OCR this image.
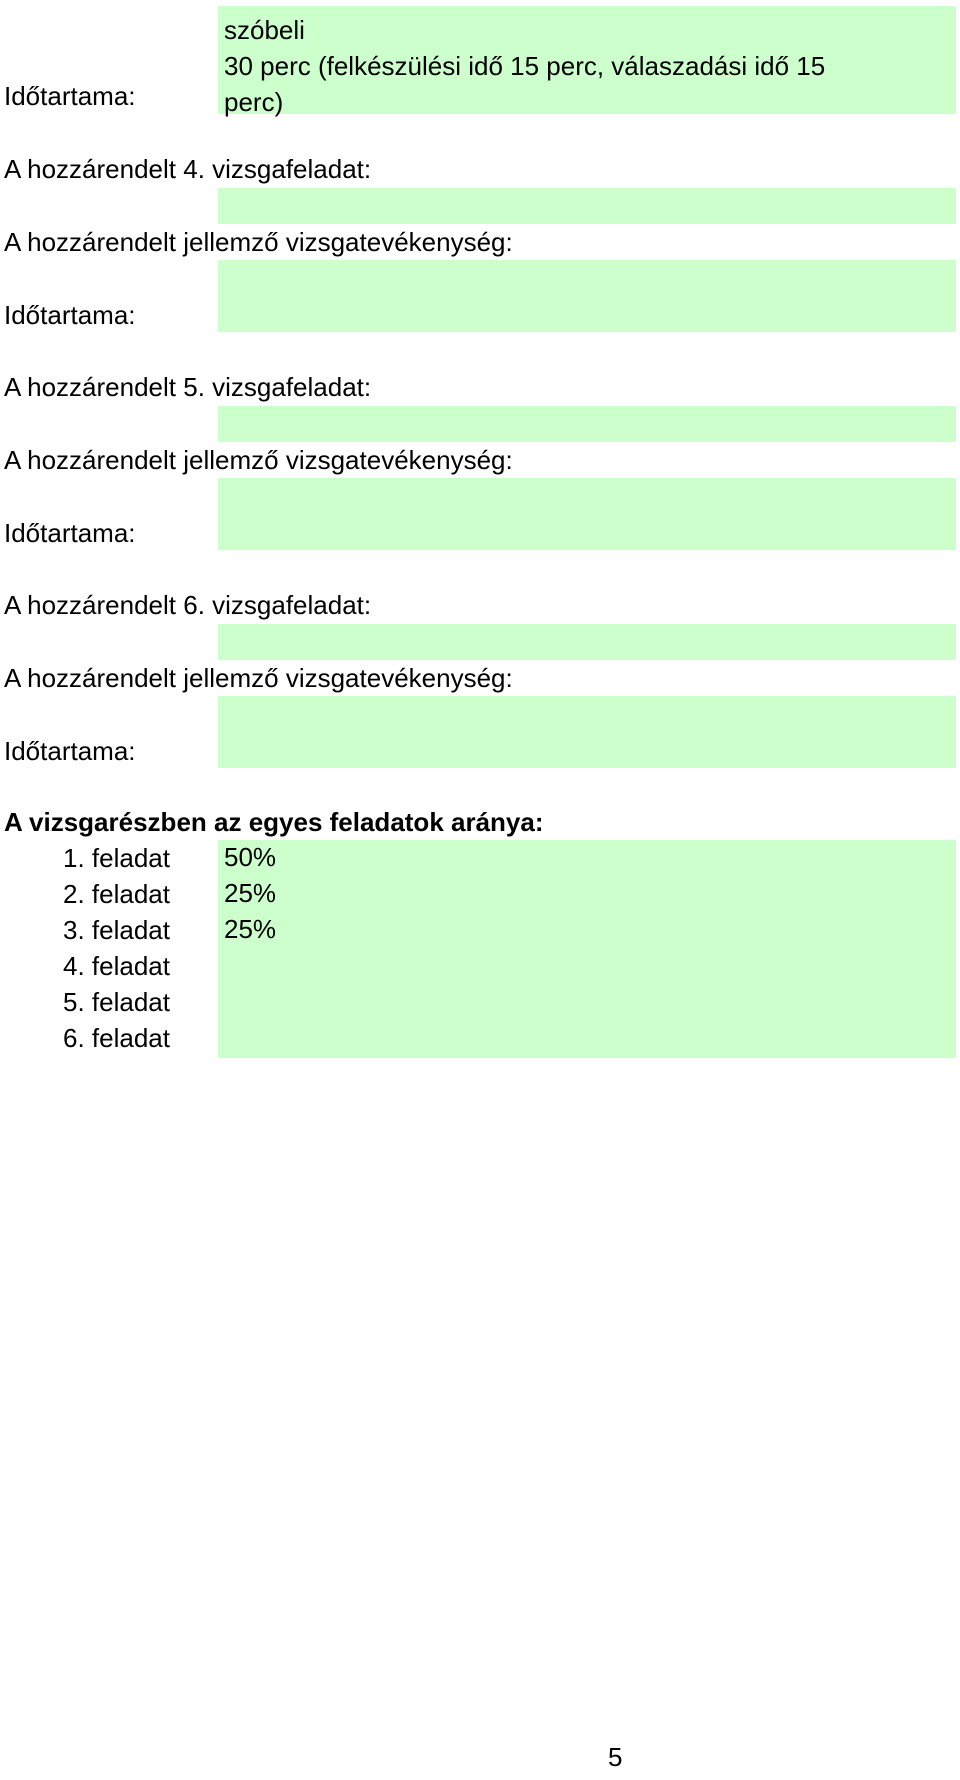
szóbeli
30 perc (felkészülési idő 15 perc, válaszadási idő 15
perc)
Időtartama:
A hozzárendelt 4. vizsgafeladat:
A hozzárendelt jellemző vizsgatevékenység:
Időtartama:
A hozzárendelt 5. vizsgafeladat:
A hozzárendelt jellemző vizsgatevékenység:
Időtartama:
A hozzárendelt 6. vizsgafeladat:
A hozzárendelt jellemző vizsgatevékenység:
Időtartama:
A vizsgarészben az egyes feladatok aránya:
1. feladat 50%
2. feladat 25%
3. feladat 25%
4. feladat
5. feladat
6. feladat
5
